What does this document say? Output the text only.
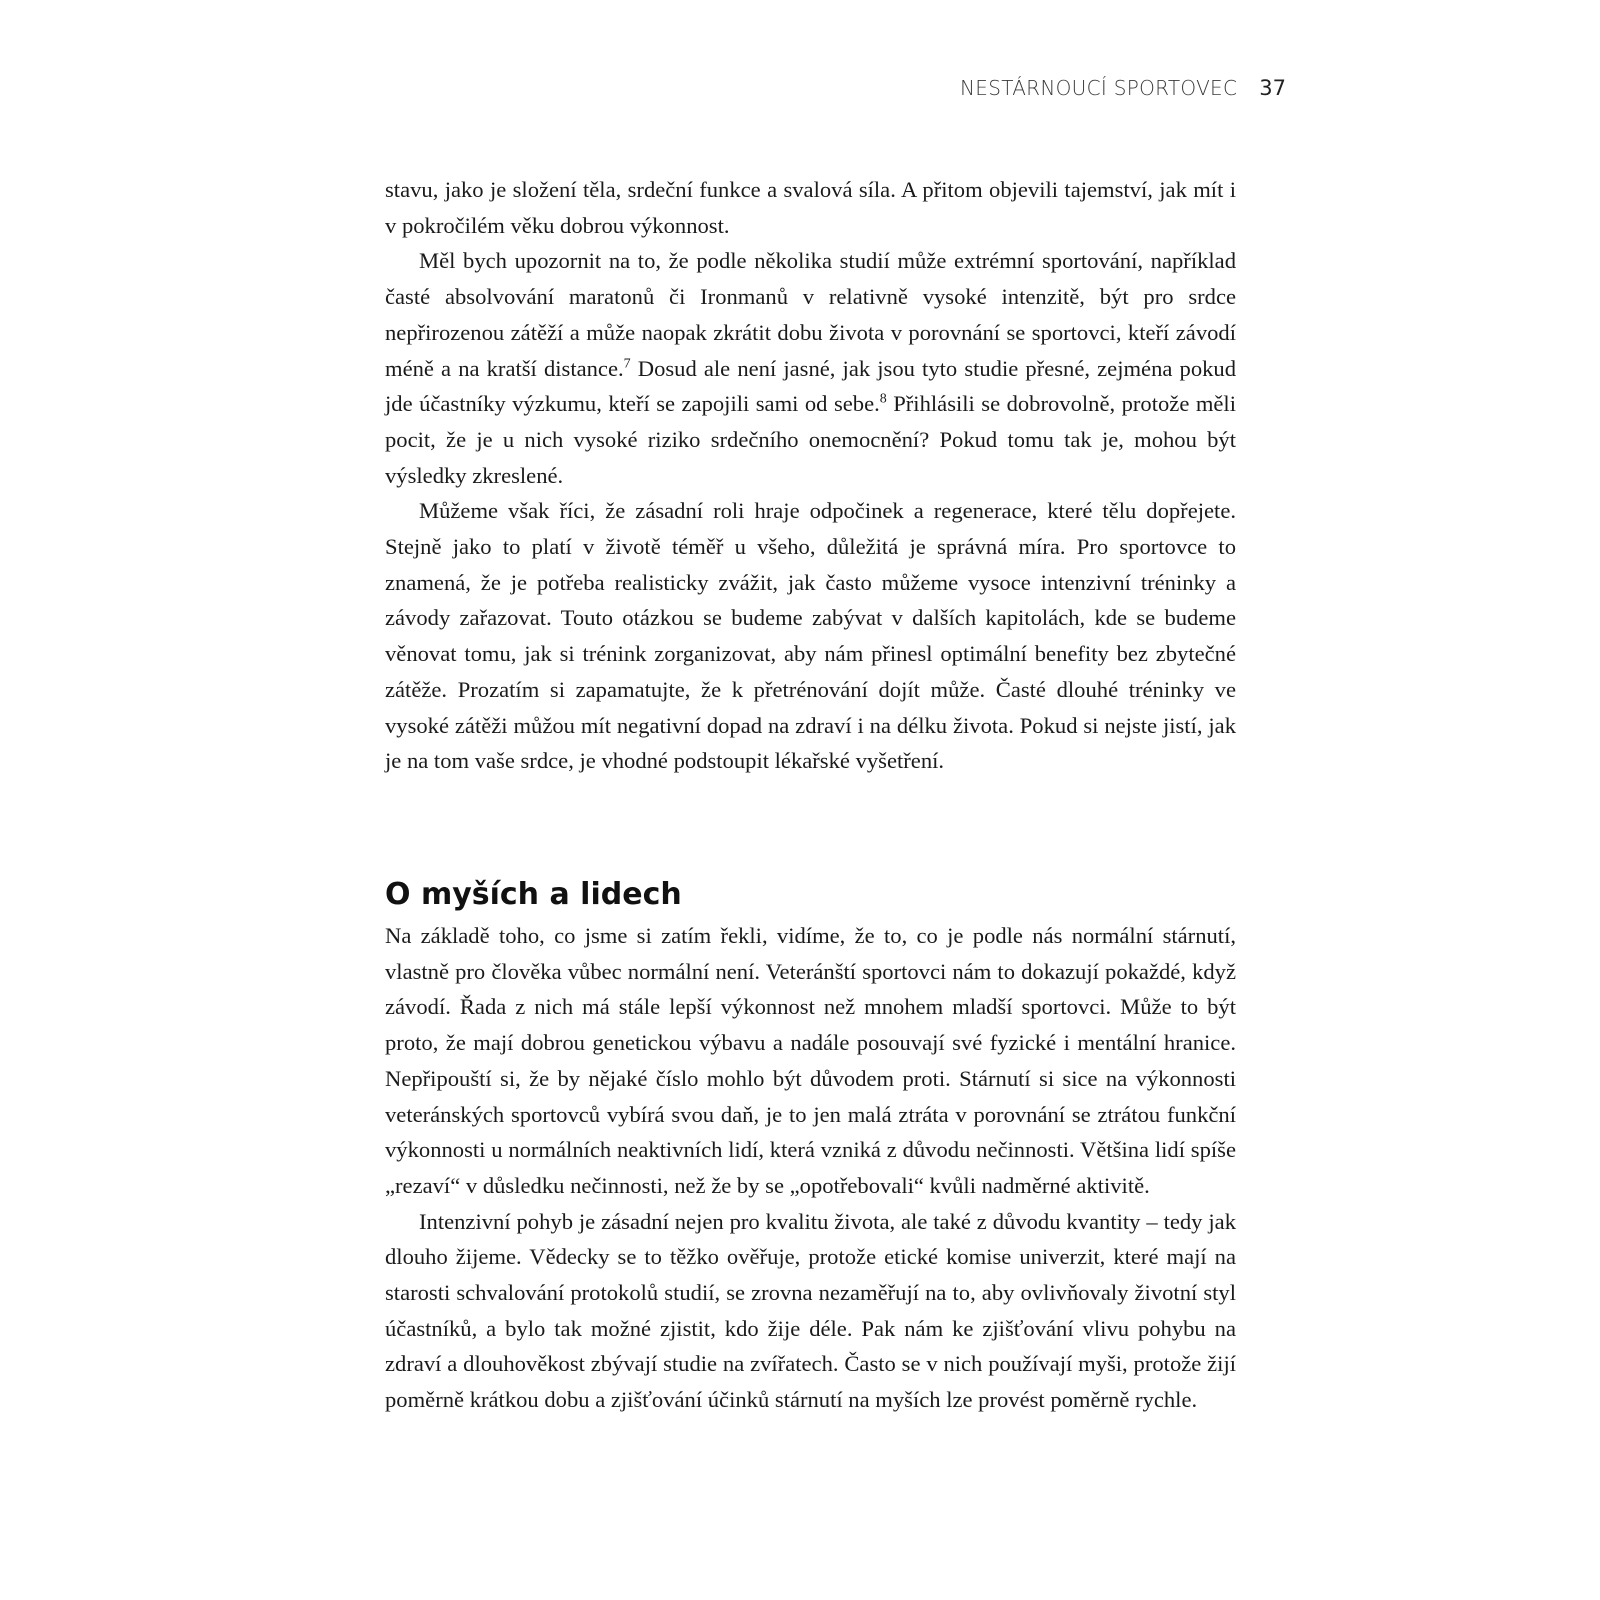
NESTÁRNOUCÍ SPORTOVEC 37

stavu, jako je složení těla, srdeční funkce a svalová síla. A přitom objevili tajemství, jak mít i v pokročilém věku dobrou výkonnost.

Měl bych upozornit na to, že podle několika studií může extrémní sportování, například časté absolvování maratonů či Ironmanů v relativně vysoké intenzitě, být pro srdce nepřirozenou zátěží a může naopak zkrátit dobu života v porovnání se sportovci, kteří závodí méně a na kratší distance.$^7$ Dosud ale není jasné, jak jsou tyto studie přesné, zejména pokud jde účastníky výzkumu, kteří se zapojili sami od sebe.$^8$ Přihlásili se dobrovolně, protože měli pocit, že je u nich vysoké riziko srdečního onemocnění? Pokud tomu tak je, mohou být výsledky zkreslené.

Můžeme však říci, že zásadní roli hraje odpočinek a regenerace, které tělu dopřejete. Stejně jako to platí v životě téměř u všeho, důležitá je správná míra. Pro sportovce to znamená, že je potřeba realisticky zvážit, jak často můžeme vysoce intenzivní tréninky a závody zařazovat. Touto otázkou se budeme zabývat v dalších kapitolách, kde se budeme věnovat tomu, jak si trénink zorganizovat, aby nám přinesl optimální benefity bez zbytečné zátěže. Prozatím si zapamatujte, že k přetrénování dojít může. Časté dlouhé tréninky ve vysoké zátěži můžou mít negativní dopad na zdraví i na délku života. Pokud si nejste jistí, jak je na tom vaše srdce, je vhodné podstoupit lékařské vyšetření.

O myších a lidech

Na základě toho, co jsme si zatím řekli, vidíme, že to, co je podle nás normální stárnutí, vlastně pro člověka vůbec normální není. Veteránští sportovci nám to dokazují pokaždé, když závodí. Řada z nich má stále lepší výkonnost než mnohem mladší sportovci. Může to být proto, že mají dobrou genetickou výbavu a nadále posouvají své fyzické i mentální hranice. Nepřipouští si, že by nějaké číslo mohlo být důvodem proti. Stárnutí si sice na výkonnosti veteránských sportovců vybírá svou daň, je to jen malá ztráta v porovnání se ztrátou funkční výkonnosti u normálních neaktivních lidí, která vzniká z důvodu nečinnosti. Většina lidí spíše „rezaví“ v důsledku nečinnosti, než že by se „opotřebovali“ kvůli nadměrné aktivitě.

Intenzivní pohyb je zásadní nejen pro kvalitu života, ale také z důvodu kvantity – tedy jak dlouho žijeme. Vědecky se to těžko ověřuje, protože etické komise univerzit, které mají na starosti schvalování protokolů studií, se zrovna nezaměřují na to, aby ovlivňovaly životní styl účastníků, a bylo tak možné zjistit, kdo žije déle. Pak nám ke zjišťování vlivu pohybu na zdraví a dlouhověkost zbývají studie na zvířatech. Často se v nich používají myši, protože žijí poměrně krátkou dobu a zjišťování účinků stárnutí na myších lze provést poměrně rychle.
